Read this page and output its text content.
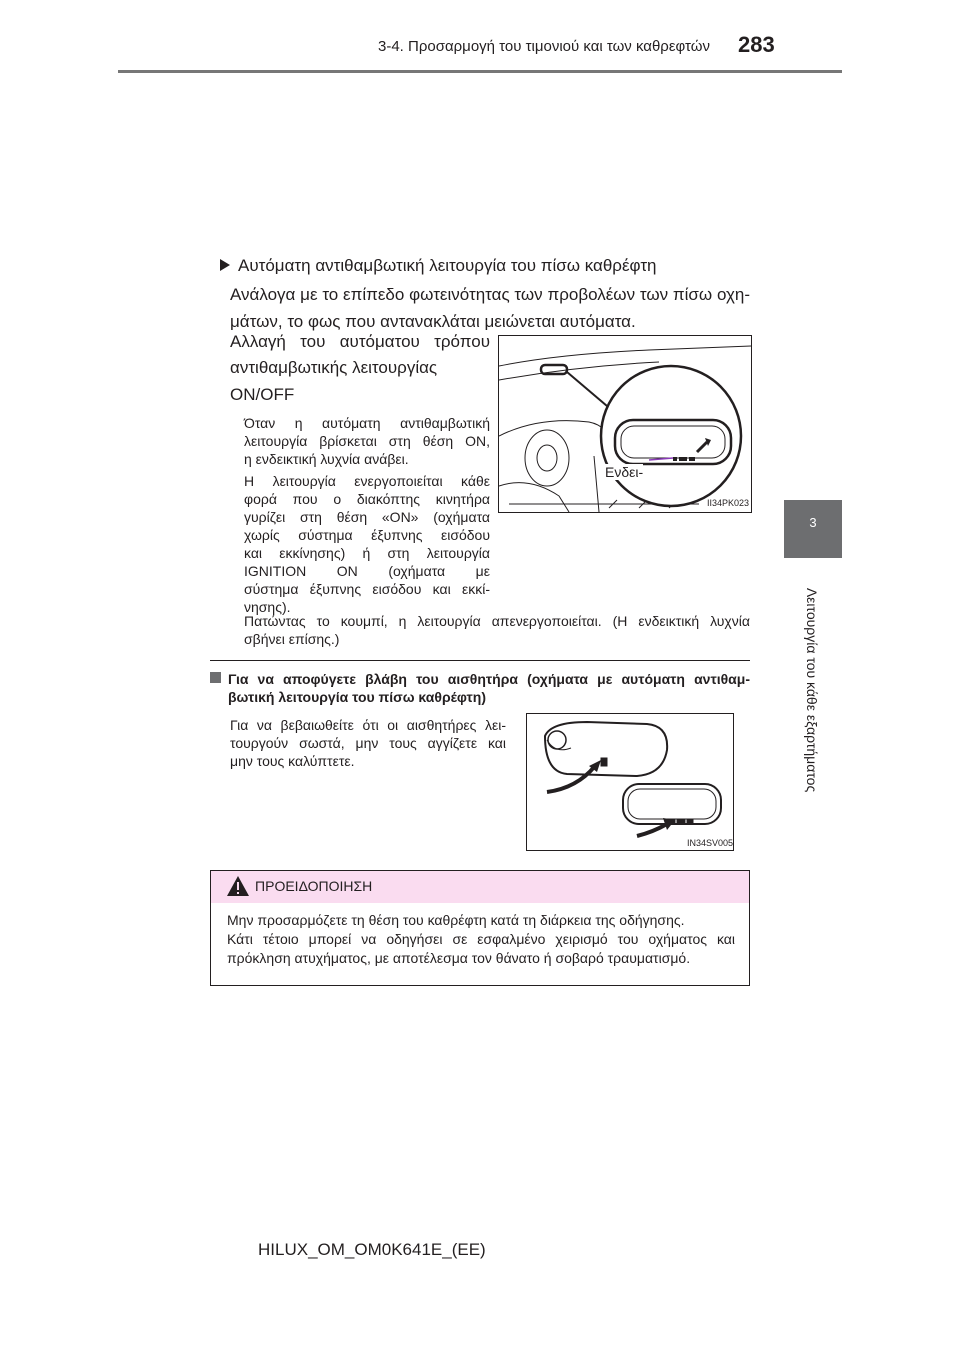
3-4. Προσαρμογή του τιμονιού και των καθρεφτών 283
3
Λειτουργία του κάθε εξαρτήματος
Αυτόματη αντιθαμβωτική λειτουργία του πίσω καθρέφτη
Ανάλογα με το επίπεδο φωτεινότητας των προβολέων των πίσω οχη-
μάτων, το φως που αντανακλάται μειώνεται αυτόματα.
Αλλαγή του αυτόματου τρόπου
αντιθαμβωτικής λειτουργίας
ON/OFF
Όταν η αυτόματη αντιθαμβωτική
λειτουργία βρίσκεται στη θέση ON,
η ενδεικτική λυχνία ανάβει.
Η λειτουργία ενεργοποιείται κάθε
φορά που ο διακόπτης κινητήρα
γυρίζει στη θέση «ON» (οχήματα
χωρίς σύστημα έξυπνης εισόδου
και εκκίνησης) ή στη λειτουργία
IGNITION ON (οχήματα με
σύστημα έξυπνης εισόδου και εκκί-
νησης).
Πατώντας το κουμπί, η λειτουργία απενεργοποιείται. (Η ενδεικτική λυχνία
σβήνει επίσης.)
Ενδει-
II34PK023
Για να αποφύγετε βλάβη του αισθητήρα (οχήματα με αυτόματη αντιθαμ-
βωτική λειτουργία του πίσω καθρέφτη)
Για να βεβαιωθείτε ότι οι αισθητήρες λει-
τουργούν σωστά, μην τους αγγίζετε και
μην τους καλύπτετε.
IN34SV005
ΠΡΟΕΙΔΟΠΟΙΗΣΗ
Μην προσαρμόζετε τη θέση του καθρέφτη κατά τη διάρκεια της οδήγησης.
Κάτι τέτοιο μπορεί να οδηγήσει σε εσφαλμένο χειρισμό του οχήματος και
πρόκληση ατυχήματος, με αποτέλεσμα τον θάνατο ή σοβαρό τραυματισμό.
HILUX_OM_OM0K641E_(EE)
